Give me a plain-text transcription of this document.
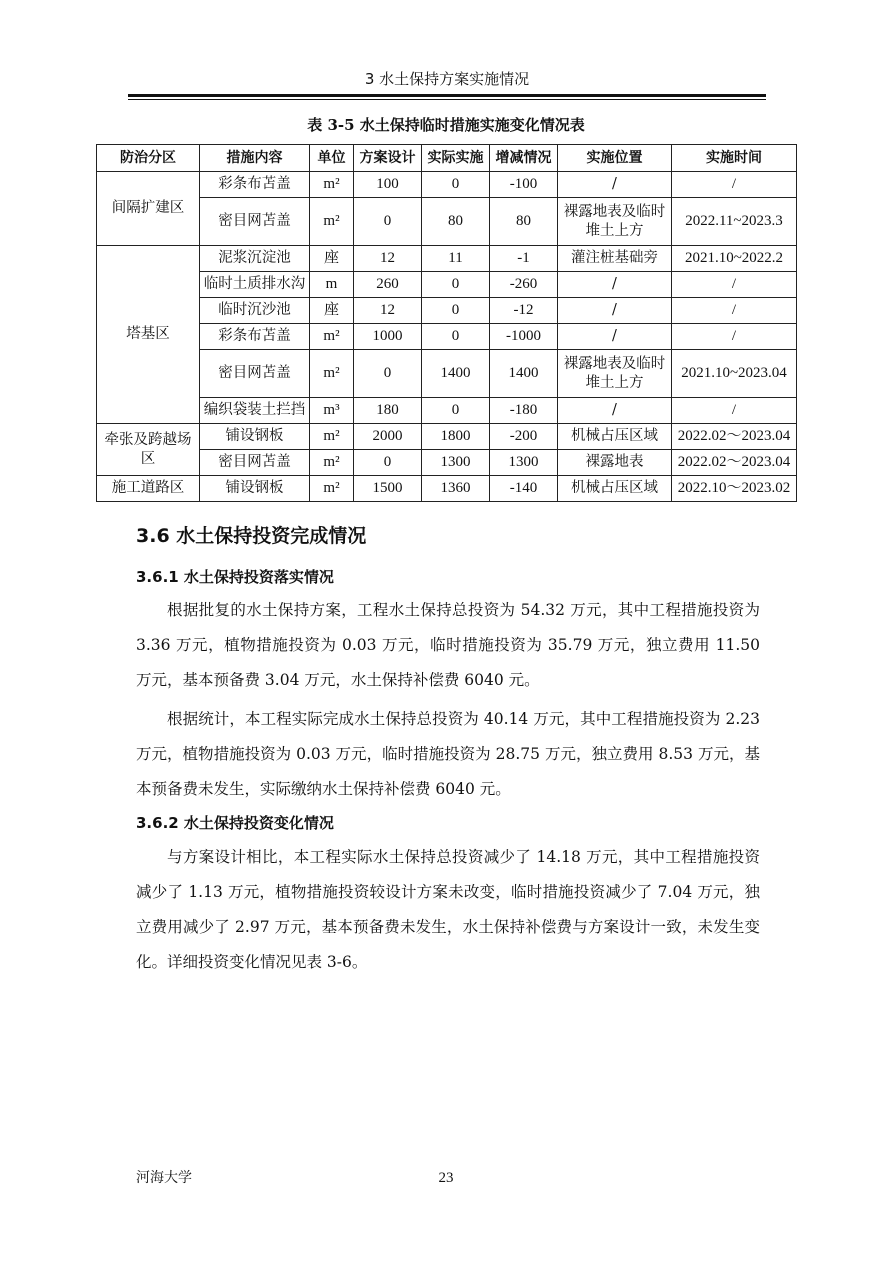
3 水土保持方案实施情况
表 3-5 水土保持临时措施实施变化情况表
防治分区	措施内容	单位	方案设计	实际实施	增减情况	实施位置	实施时间
间隔扩建区	彩条布苫盖	m²	100	0	-100	/	/
	密目网苫盖	m²	0	80	80	裸露地表及临时堆土上方	2022.11~2023.3
塔基区	泥浆沉淀池	座	12	11	-1	灌注桩基础旁	2021.10~2022.2
	临时土质排水沟	m	260	0	-260	/	/
	临时沉沙池	座	12	0	-12	/	/
	彩条布苫盖	m²	1000	0	-1000	/	/
	密目网苫盖	m²	0	1400	1400	裸露地表及临时堆土上方	2021.10~2023.04
	编织袋装土拦挡	m³	180	0	-180	/	/
牵张及跨越场区	铺设钢板	m²	2000	1800	-200	机械占压区域	2022.02～2023.04
	密目网苫盖	m²	0	1300	1300	裸露地表	2022.02～2023.04
施工道路区	铺设钢板	m²	1500	1360	-140	机械占压区域	2022.10～2023.02
3.6 水土保持投资完成情况
3.6.1 水土保持投资落实情况

根据批复的水土保持方案，工程水土保持总投资为 54.32 万元，其中工程措施投资为 3.36 万元，植物措施投资为 0.03 万元，临时措施投资为 35.79 万元，独立费用 11.50 万元，基本预备费 3.04 万元，水土保持补偿费 6040 元。

根据统计，本工程实际完成水土保持总投资为 40.14 万元，其中工程措施投资为 2.23 万元，植物措施投资为 0.03 万元，临时措施投资为 28.75 万元，独立费用 8.53 万元，基本预备费未发生，实际缴纳水土保持补偿费 6040 元。

3.6.2 水土保持投资变化情况

与方案设计相比，本工程实际水土保持总投资减少了 14.18 万元，其中工程措施投资减少了 1.13 万元，植物措施投资较设计方案未改变，临时措施投资减少了 7.04 万元，独立费用减少了 2.97 万元，基本预备费未发生，水土保持补偿费与方案设计一致，未发生变化。详细投资变化情况见表 3-6。

河海大学	23
